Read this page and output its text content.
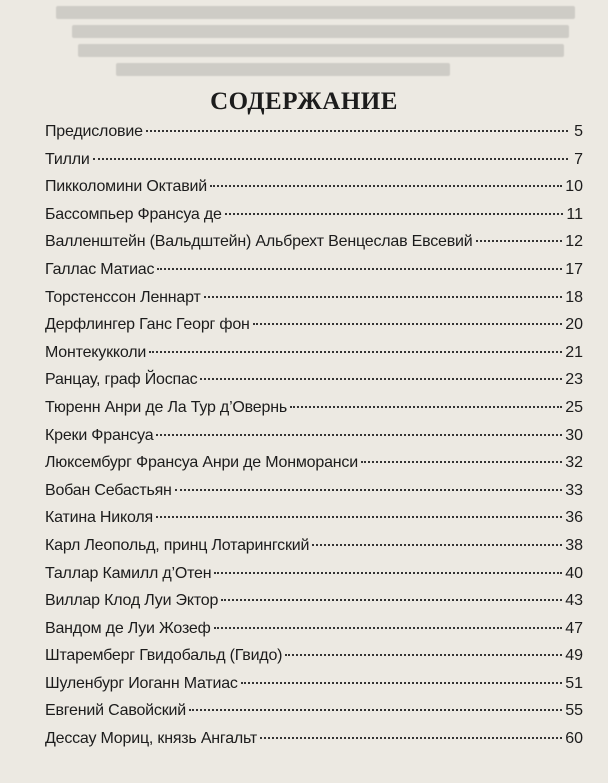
СОДЕРЖАНИЕ
Предисловие	5
Тилли	7
Пикколомини Октавий	10
Бассомпьер Франсуа де	11
Валленштейн (Вальдштейн) Альбрехт Венцеслав Евсевий	12
Галлас Матиас	17
Торстенссон Леннарт	18
Дерфлингер Ганс Георг фон	20
Монтекукколи	21
Ранцау, граф Йоспас	23
Тюренн Анри де Ла Тур д’Овернь	25
Креки Франсуа	30
Люксембург Франсуа Анри де Монморанси	32
Вобан Себастьян	33
Катина Николя	36
Карл Леопольд, принц Лотарингский	38
Таллар Камилл д’Отен	40
Виллар Клод Луи Эктор	43
Вандом де Луи Жозеф	47
Штаремберг Гвидобальд (Гвидо)	49
Шуленбург Иоганн Матиас	51
Евгений Савойский	55
Дессау Мориц, князь Ангальт	60
